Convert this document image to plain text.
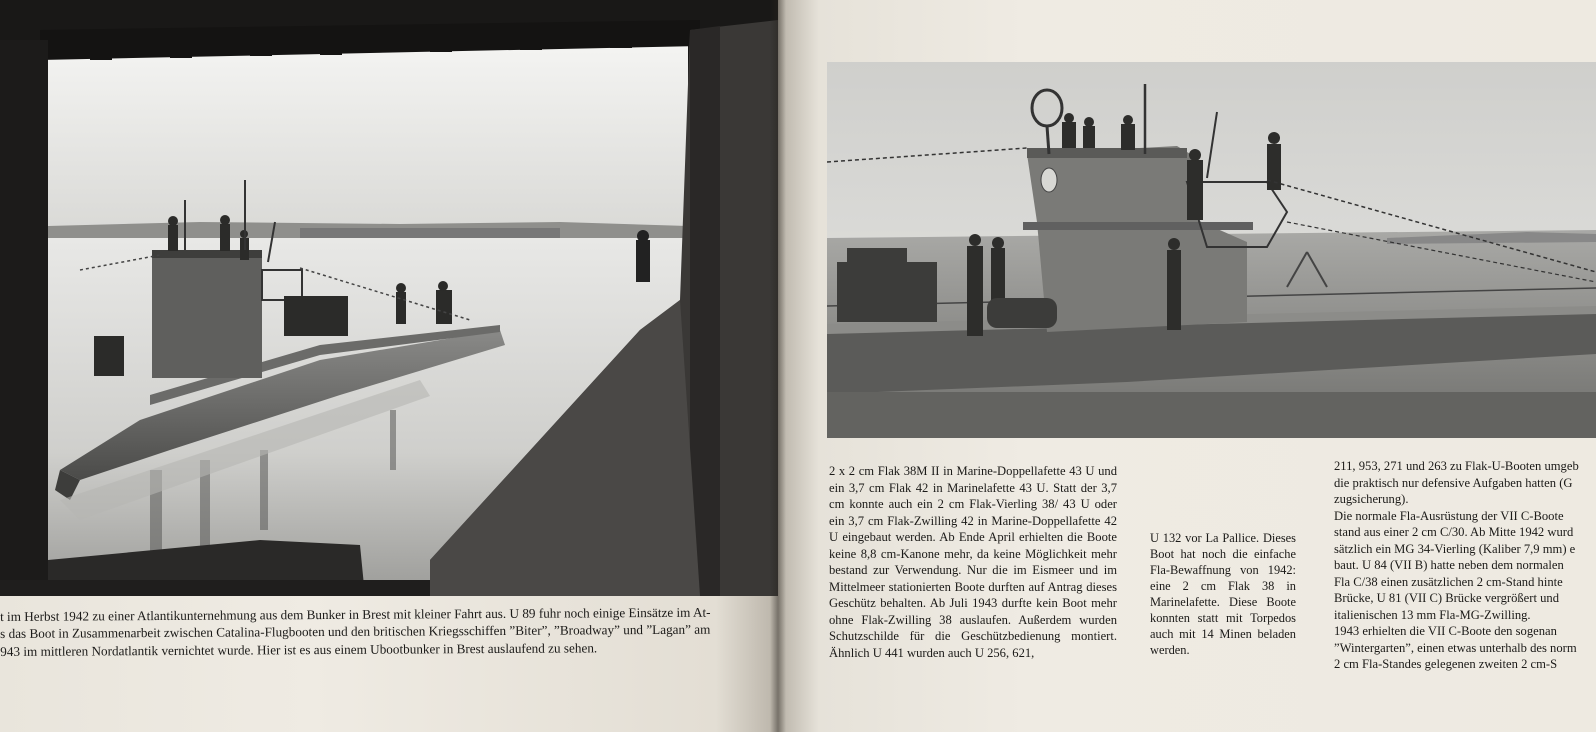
t im Herbst 1942 zu einer Atlantikunternehmung aus dem Bunker in Brest mit kleiner Fahrt aus. U 89 fuhr noch einige Einsätze im At-
s das Boot in Zusammenarbeit zwischen Catalina-Flugbooten und den britischen Kriegsschiffen ”Biter”, ”Broadway” und ”Lagan” am
943 im mittleren Nordatlantik vernichtet wurde. Hier ist es aus einem Ubootbunker in Brest auslaufend zu sehen.

2 x 2 cm Flak 38M II in Marine-Doppellafette 43 U und ein 3,7 cm Flak 42 in Marinelafette 43 U. Statt der 3,7 cm konnte auch ein 2 cm Flak-Vierling 38/ 43 U oder ein 3,7 cm Flak-Zwilling 42 in Marine-Doppellafette 42 U eingebaut werden. Ab Ende April erhielten die Boote keine 8,8 cm-Kanone mehr, da keine Möglichkeit mehr bestand zur Verwendung. Nur die im Eismeer und im Mittelmeer stationierten Boote durften auf Antrag dieses Geschütz behalten. Ab Juli 1943 durfte kein Boot mehr ohne Flak-Zwilling 38 auslaufen. Außerdem wurden Schutzschilde für die Geschützbedienung montiert. Ähnlich U 441 wurden auch U 256, 621,

U 132 vor La Pallice. Dieses Boot hat noch die einfache Fla-Bewaffnung von 1942: eine 2 cm Flak 38 in Marinelafette. Diese Boote konnten statt mit Torpedos auch mit 14 Minen beladen werden.

211, 953, 271 und 263 zu Flak-U-Booten umgeb
die praktisch nur defensive Aufgaben hatten (G
zugsicherung).
Die normale Fla-Ausrüstung der VII C-Boote
stand aus einer 2 cm C/30. Ab Mitte 1942 wurd
sätzlich ein MG 34-Vierling (Kaliber 7,9 mm) e
baut. U 84 (VII B) hatte neben dem normalen
Fla C/38 einen zusätzlichen 2 cm-Stand hinte
Brücke, U 81 (VII C) Brücke vergrößert und
italienischen 13 mm Fla-MG-Zwilling.
1943 erhielten die VII C-Boote den sogenan
”Wintergarten”, einen etwas unterhalb des norm
2 cm Fla-Standes gelegenen zweiten 2 cm-S
